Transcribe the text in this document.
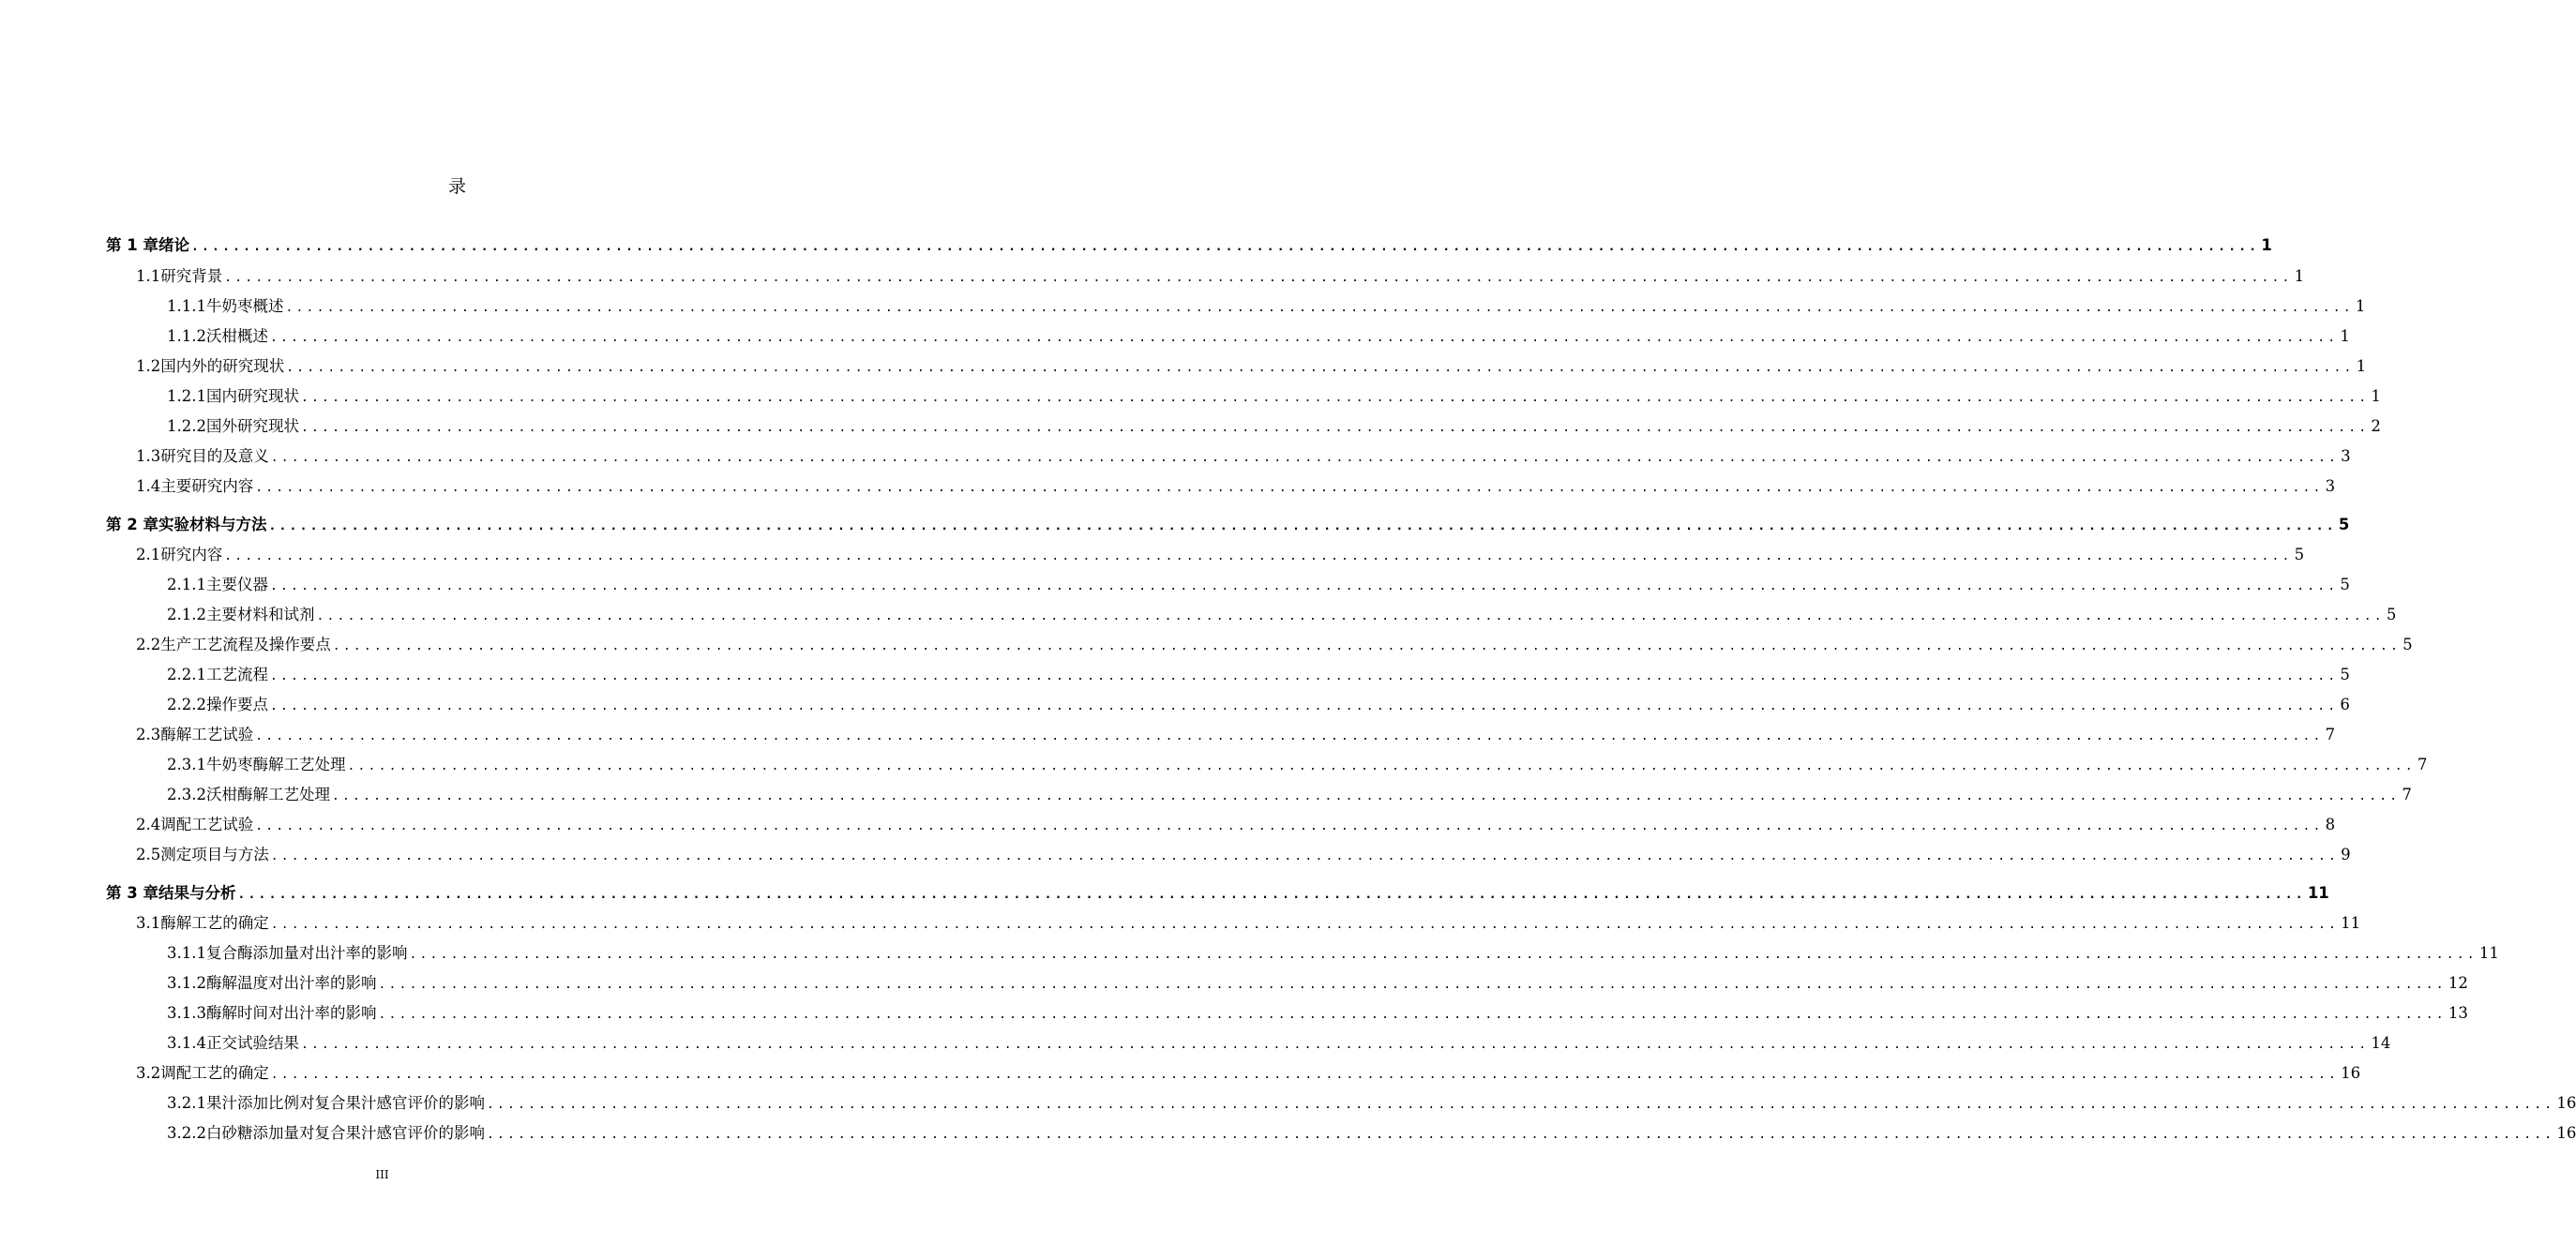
录
第 1 章 绪论 ........................................................................................................................................................................................................ 1
1.1 研究背景 ........................................................................................................................................................................................................ 1
1.1.1 牛奶枣概述 ........................................................................................................................................................................................................ 1
1.1.2 沃柑概述 ........................................................................................................................................................................................................ 1
1.2 国内外的研究现状 ........................................................................................................................................................................................................ 1
1.2.1 国内研究现状 ........................................................................................................................................................................................................ 1
1.2.2 国外研究现状 ........................................................................................................................................................................................................ 2
1.3 研究目的及意义 ........................................................................................................................................................................................................ 3
1.4 主要研究内容 ........................................................................................................................................................................................................ 3
第 2 章 实验材料与方法 ........................................................................................................................................................................................................ 5
2.1 研究内容 ........................................................................................................................................................................................................ 5
2.1.1 主要仪器 ........................................................................................................................................................................................................ 5
2.1.2 主要材料和试剂 ........................................................................................................................................................................................................ 5
2.2 生产工艺流程及操作要点 ........................................................................................................................................................................................................ 5
2.2.1 工艺流程 ........................................................................................................................................................................................................ 5
2.2.2 操作要点 ........................................................................................................................................................................................................ 6
2.3 酶解工艺试验 ........................................................................................................................................................................................................ 7
2.3.1 牛奶枣酶解工艺处理 ........................................................................................................................................................................................................ 7
2.3.2 沃柑酶解工艺处理 ........................................................................................................................................................................................................ 7
2.4 调配工艺试验 ........................................................................................................................................................................................................ 8
2.5 测定项目与方法 ........................................................................................................................................................................................................ 9
第 3 章 结果与分析 ........................................................................................................................................................................................................ 11
3.1 酶解工艺的确定 ........................................................................................................................................................................................................ 11
3.1.1 复合酶添加量对出汁率的影响 ........................................................................................................................................................................................................ 11
3.1.2 酶解温度对出汁率的影响 ........................................................................................................................................................................................................ 12
3.1.3 酶解时间对出汁率的影响 ........................................................................................................................................................................................................ 13
3.1.4 正交试验结果 ........................................................................................................................................................................................................ 14
3.2 调配工艺的确定 ........................................................................................................................................................................................................ 16
3.2.1 果汁添加比例对复合果汁感官评价的影响 ........................................................................................................................................................................................................ 16
3.2.2 白砂糖添加量对复合果汁感官评价的影响 ........................................................................................................................................................................................................ 16
III
